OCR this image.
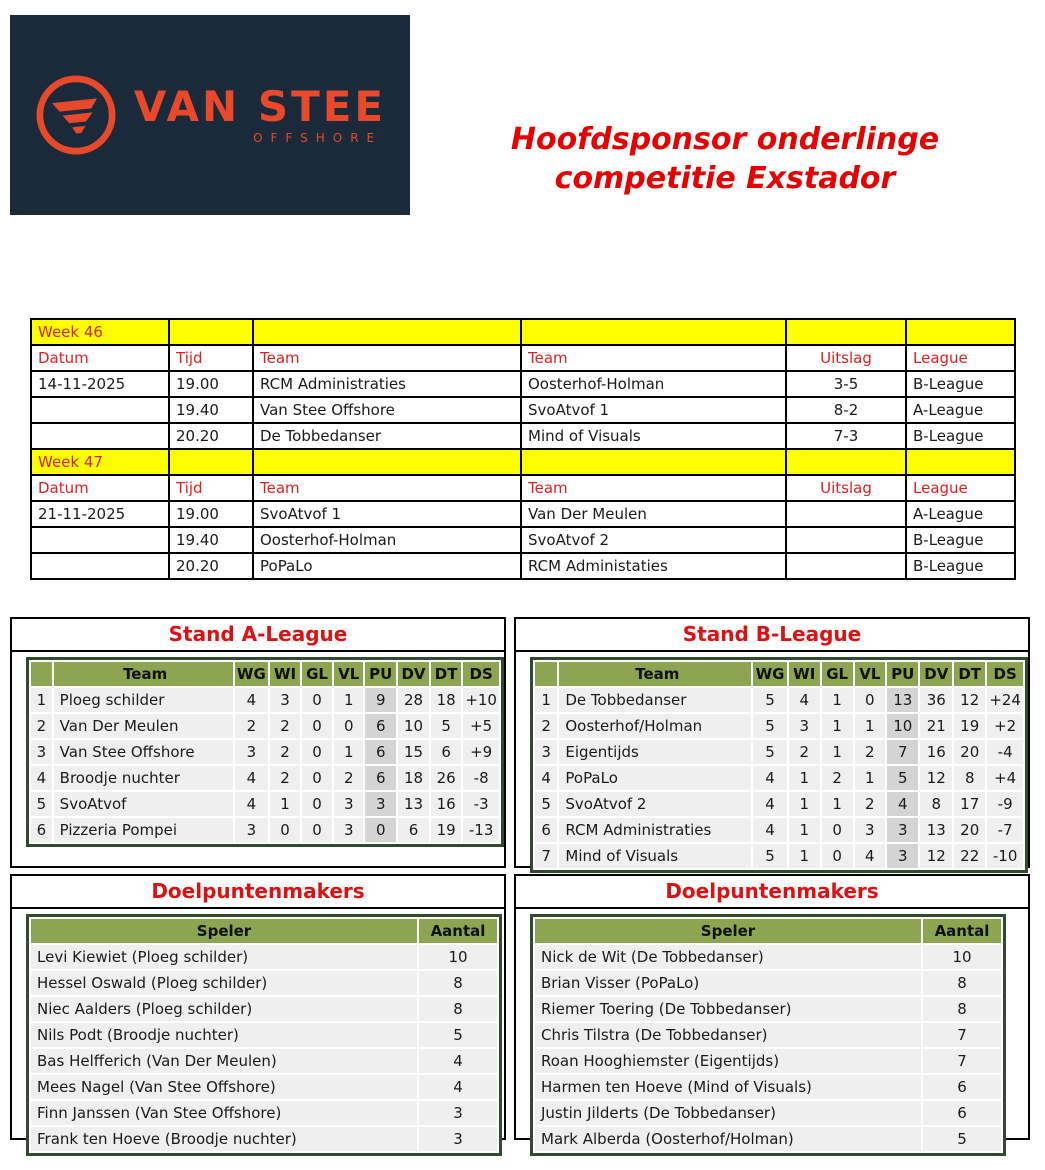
VAN STEE
OFFSHORE	Hoofdsponsor onderlinge
competitie Exstador
Week 46					
Datum	Tijd	Team	Team	Uitslag	League
14-11-2025	19.00	RCM Administraties	Oosterhof-Holman	3-5	B-League
	19.40	Van Stee Offshore	SvoAtvof 1	8-2	A-League
	20.20	De Tobbedanser	Mind of Visuals	7-3	B-League
Week 47					
Datum	Tijd	Team	Team	Uitslag	League
21-11-2025	19.00	SvoAtvof 1	Van Der Meulen		A-League
	19.40	Oosterhof-Holman	SvoAtvof 2		B-League
	20.20	PoPaLo	RCM Administaties		B-League
Stand A-League
	Team	WG	WI	GL	VL	PU	DV	DT	DS
1	Ploeg schilder	4	3	0	1	9	28	18	+10
2	Van Der Meulen	2	2	0	0	6	10	5	+5
3	Van Stee Offshore	3	2	0	1	6	15	6	+9
4	Broodje nuchter	4	2	0	2	6	18	26	-8
5	SvoAtvof	4	1	0	3	3	13	16	-3
6	Pizzeria Pompei	3	0	0	3	0	6	19	-13
Stand B-League
	Team	WG	WI	GL	VL	PU	DV	DT	DS
1	De Tobbedanser	5	4	1	0	13	36	12	+24
2	Oosterhof/Holman	5	3	1	1	10	21	19	+2
3	Eigentijds	5	2	1	2	7	16	20	-4
4	PoPaLo	4	1	2	1	5	12	8	+4
5	SvoAtvof 2	4	1	1	2	4	8	17	-9
6	RCM Administraties	4	1	0	3	3	13	20	-7
7	Mind of Visuals	5	1	0	4	3	12	22	-10
Doelpuntenmakers
Speler	Aantal
Levi Kiewiet (Ploeg schilder)	10
Hessel Oswald (Ploeg schilder)	8
Niec Aalders (Ploeg schilder)	8
Nils Podt (Broodje nuchter)	5
Bas Helfferich (Van Der Meulen)	4
Mees Nagel (Van Stee Offshore)	4
Finn Janssen (Van Stee Offshore)	3
Frank ten Hoeve (Broodje nuchter)	3
Doelpuntenmakers
Speler	Aantal
Nick de Wit (De Tobbedanser)	10
Brian Visser (PoPaLo)	8
Riemer Toering (De Tobbedanser)	8
Chris Tilstra (De Tobbedanser)	7
Roan Hooghiemster (Eigentijds)	7
Harmen ten Hoeve (Mind of Visuals)	6
Justin Jilderts (De Tobbedanser)	6
Mark Alberda (Oosterhof/Holman)	5
